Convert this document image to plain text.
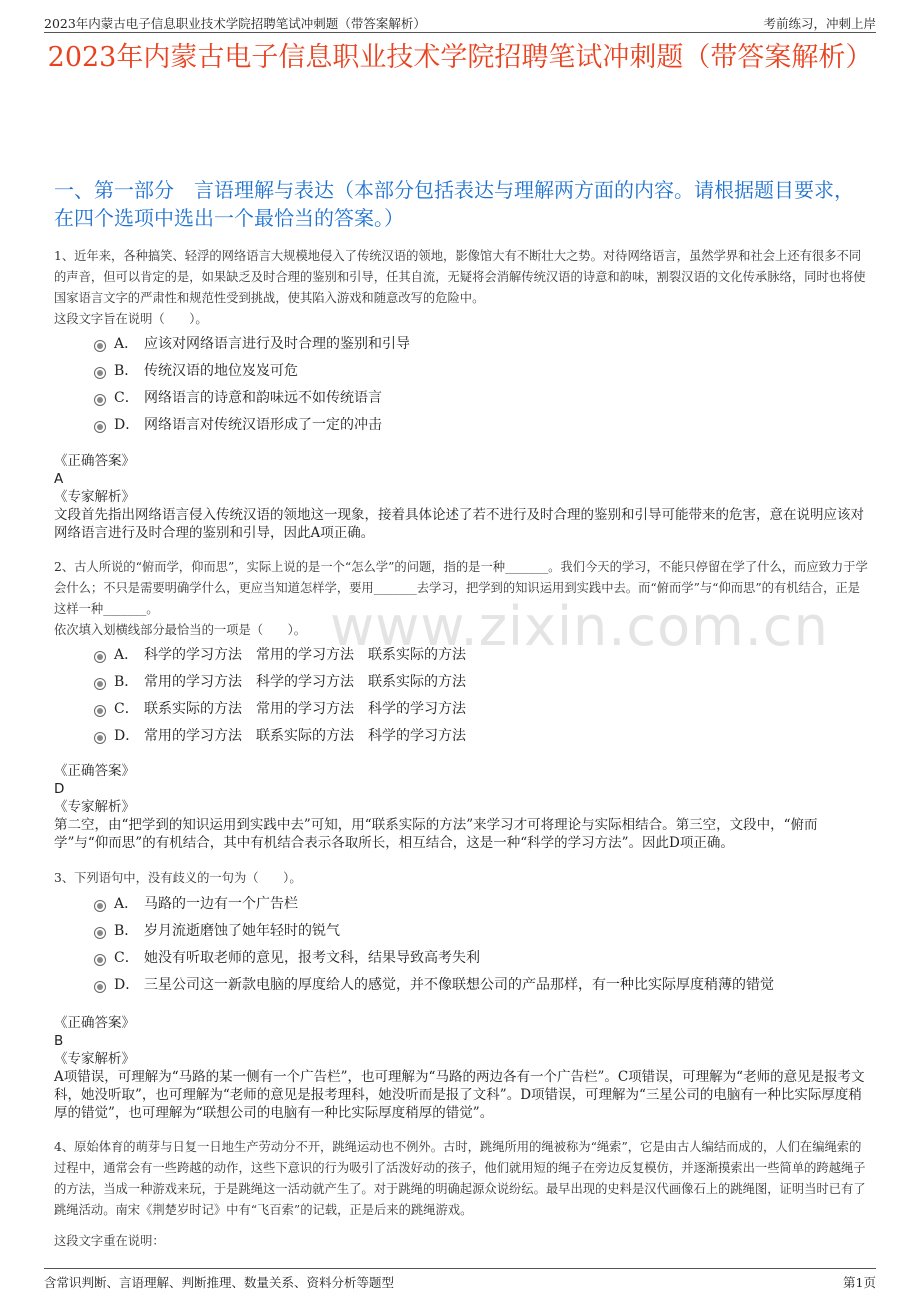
2023年内蒙古电子信息职业技术学院招聘笔试冲刺题（带答案解析）	考前练习，冲刺上岸
2023年内蒙古电子信息职业技术学院招聘笔试冲刺题（带答案解析）
一、第一部分　言语理解与表达（本部分包括表达与理解两方面的内容。请根据题目要求，在四个选项中选出一个最恰当的答案。）
www.zixin.com.cn
1、近年来，各种搞笑、轻浮的网络语言大规模地侵入了传统汉语的领地，影像馆大有不断壮大之势。对待网络语言，虽然学界和社会上还有很多不同的声音，但可以肯定的是，如果缺乏及时合理的鉴别和引导，任其自流，无疑将会消解传统汉语的诗意和韵味，割裂汉语的文化传承脉络，同时也将使国家语言文字的严肃性和规范性受到挑战，使其陷入游戏和随意改写的危险中。
这段文字旨在说明（　　）。
A． 应该对网络语言进行及时合理的鉴别和引导
B． 传统汉语的地位岌岌可危
C． 网络语言的诗意和韵味远不如传统语言
D． 网络语言对传统汉语形成了一定的冲击
《正确答案》
A
《专家解析》
文段首先指出网络语言侵入传统汉语的领地这一现象，接着具体论述了若不进行及时合理的鉴别和引导可能带来的危害，意在说明应该对网络语言进行及时合理的鉴别和引导，因此A项正确。
2、古人所说的“俯而学，仰而思”，实际上说的是一个“怎么学”的问题，指的是一种_______。我们今天的学习，不能只停留在学了什么，而应致力于学会什么；不只是需要明确学什么，更应当知道怎样学，要用_______去学习，把学到的知识运用到实践中去。而“俯而学”与“仰而思”的有机结合，正是这样一种_______。
依次填入划横线部分最恰当的一项是（　　）。
A． 科学的学习方法　常用的学习方法　联系实际的方法
B． 常用的学习方法　科学的学习方法　联系实际的方法
C． 联系实际的方法　常用的学习方法　科学的学习方法
D． 常用的学习方法　联系实际的方法　科学的学习方法
《正确答案》
D
《专家解析》
第二空，由“把学到的知识运用到实践中去”可知，用“联系实际的方法”来学习才可将理论与实际相结合。第三空，文段中，“俯而学”与“仰而思”的有机结合，其中有机结合表示各取所长，相互结合，这是一种“科学的学习方法”。因此D项正确。
3、下列语句中，没有歧义的一句为（　　）。
A． 马路的一边有一个广告栏
B． 岁月流逝磨蚀了她年轻时的锐气
C． 她没有听取老师的意见，报考文科，结果导致高考失利
D． 三星公司这一新款电脑的厚度给人的感觉，并不像联想公司的产品那样，有一种比实际厚度稍薄的错觉
《正确答案》
B
《专家解析》
A项错误，可理解为“马路的某一侧有一个广告栏”，也可理解为“马路的两边各有一个广告栏”。C项错误，可理解为“老师的意见是报考文科，她没听取”，也可理解为“老师的意见是报考理科，她没听而是报了文科”。D项错误，可理解为“三星公司的电脑有一种比实际厚度稍厚的错觉”，也可理解为“联想公司的电脑有一种比实际厚度稍厚的错觉”。
4、原始体育的萌芽与日复一日地生产劳动分不开，跳绳运动也不例外。古时，跳绳所用的绳被称为“绳索”，它是由古人编结而成的，人们在编绳索的过程中，通常会有一些跨越的动作，这些下意识的行为吸引了活泼好动的孩子，他们就用短的绳子在旁边反复模仿，并逐渐摸索出一些简单的跨越绳子的方法，当成一种游戏来玩，于是跳绳这一活动就产生了。对于跳绳的明确起源众说纷纭。最早出现的史料是汉代画像石上的跳绳图，证明当时已有了跳绳活动。南宋《荆楚岁时记》中有“飞百索”的记载，正是后来的跳绳游戏。
这段文字重在说明：
含常识判断、言语理解、判断推理、数量关系、资料分析等题型	第1页
